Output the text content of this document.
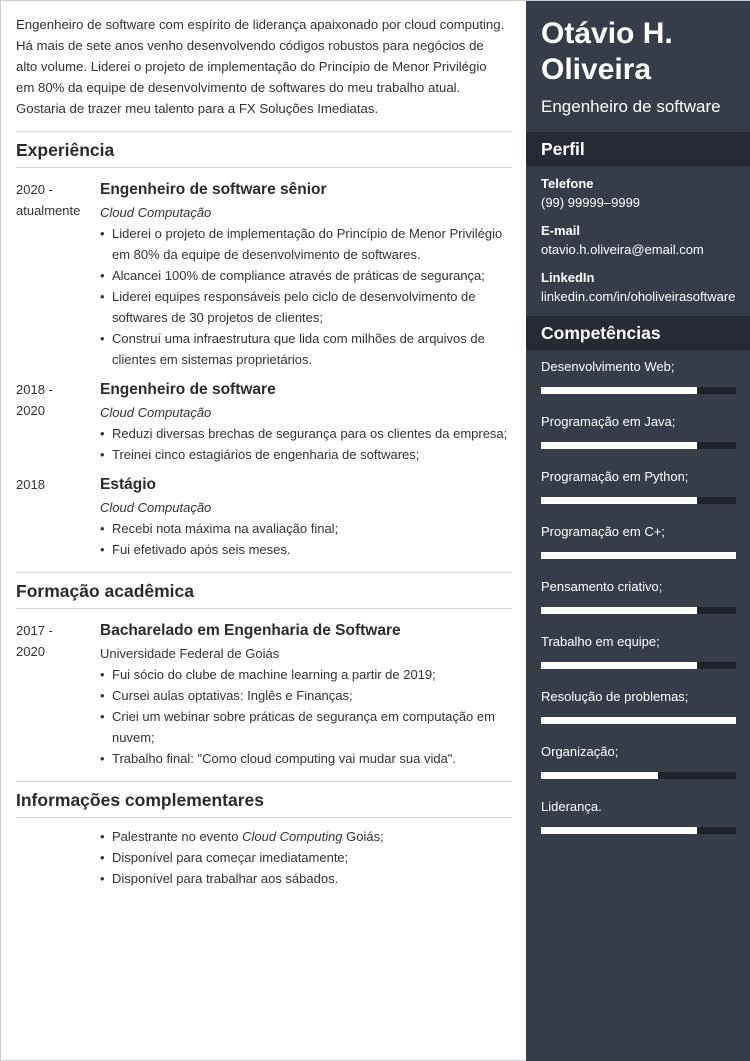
Engenheiro de software com espírito de liderança apaixonado por cloud computing. Há mais de sete anos venho desenvolvendo códigos robustos para negócios de alto volume. Liderei o projeto de implementação do Princípio de Menor Privilégio em 80% da equipe de desenvolvimento de softwares do meu trabalho atual. Gostaria de trazer meu talento para a FX Soluções Imediatas.

Experiência
2020 -
atualmente
Engenheiro de software sênior
Cloud Computação
• Liderei o projeto de implementação do Princípio de Menor Privilégio em 80% da equipe de desenvolvimento de softwares.
• Alcancei 100% de compliance através de práticas de segurança;
• Liderei equipes responsáveis pelo ciclo de desenvolvimento de softwares de 30 projetos de clientes;
• Construí uma infraestrutura que lida com milhões de arquivos de clientes em sistemas proprietários.
2018 -
2020
Engenheiro de software
Cloud Computação
• Reduzi diversas brechas de segurança para os clientes da empresa;
• Treinei cinco estagiários de engenharia de softwares;
2018	Estágio
Cloud Computação
• Recebi nota máxima na avaliação final;
• Fui efetivado após seis meses.
Formação acadêmica
2017 -
2020
Bacharelado em Engenharia de Software
Universidade Federal de Goiás
• Fui sócio do clube de machine learning a partir de 2019;
• Cursei aulas optativas: Inglês e Finanças;
• Criei um webinar sobre práticas de segurança em computação em nuvem;
• Trabalho final: "Como cloud computing vai mudar sua vida".
Informações complementares
• Palestrante no evento Cloud Computing Goiás;
• Disponível para começar imediatamente;
• Disponível para trabalhar aos sábados.
Otávio H.
Oliveira
Engenheiro de software
Perfil
Telefone
(99) 99999–9999
E-mail
otavio.h.oliveira@email.com
LinkedIn
linkedin.com/in/oholiveirasoftware
Competências
Desenvolvimento Web;
Programação em Java;
Programação em Python;
Programação em C+;
Pensamento criativo;
Trabalho em equipe;
Resolução de problemas;
Organização;
Liderança.
